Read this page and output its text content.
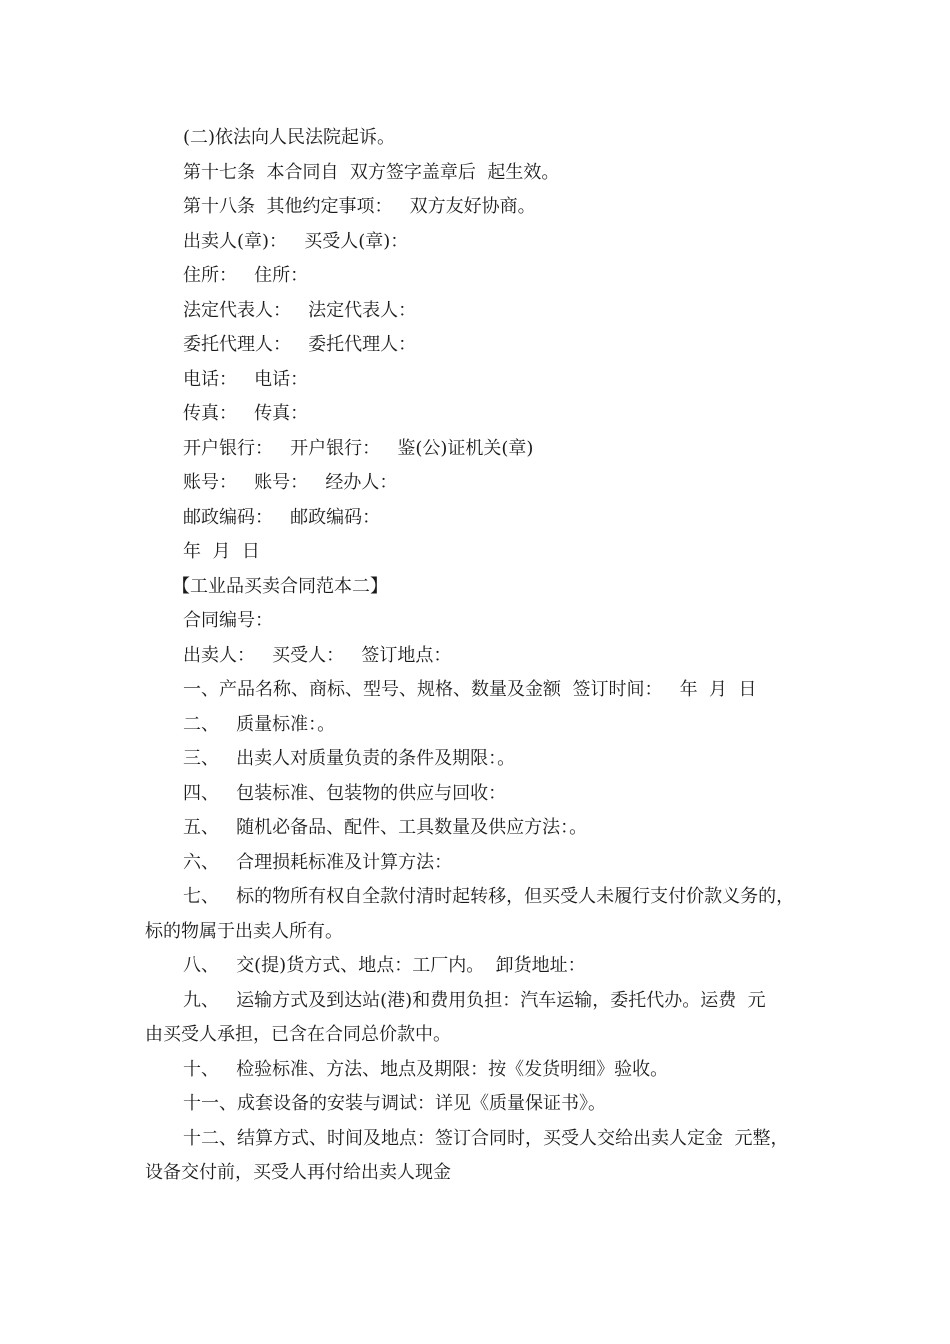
(二)依法向人民法院起诉。
第十七条  本合同自  双方签字盖章后  起生效。
第十八条  其他约定事项：   双方友好协商。
出卖人(章)：   买受人(章)：
住所：   住所：
法定代表人：   法定代表人：
委托代理人：   委托代理人：
电话：   电话：
传真：   传真：
开户银行：   开户银行：   鉴(公)证机关(章)
账号：   账号：   经办人：
邮政编码：   邮政编码：
年  月  日
【工业品买卖合同范本二】
合同编号：
出卖人：   买受人：   签订地点：
一、产品名称、商标、型号、规格、数量及金额  签订时间：   年  月  日
二、   质量标准：。
三、   出卖人对质量负责的条件及期限：。
四、   包装标准、包装物的供应与回收：
五、   随机必备品、配件、工具数量及供应方法：。
六、   合理损耗标准及计算方法：
七、   标的物所有权自全款付清时起转移，但买受人未履行支付价款义务的，
标的物属于出卖人所有。
八、   交(提)货方式、地点：工厂内。  卸货地址：
九、   运输方式及到达站(港)和费用负担：汽车运输，委托代办。运费  元
由买受人承担，已含在合同总价款中。
十、   检验标准、方法、地点及期限：按《发货明细》验收。
十一、成套设备的安装与调试：详见《质量保证书》。
十二、结算方式、时间及地点：签订合同时，买受人交给出卖人定金  元整，
设备交付前，买受人再付给出卖人现金
